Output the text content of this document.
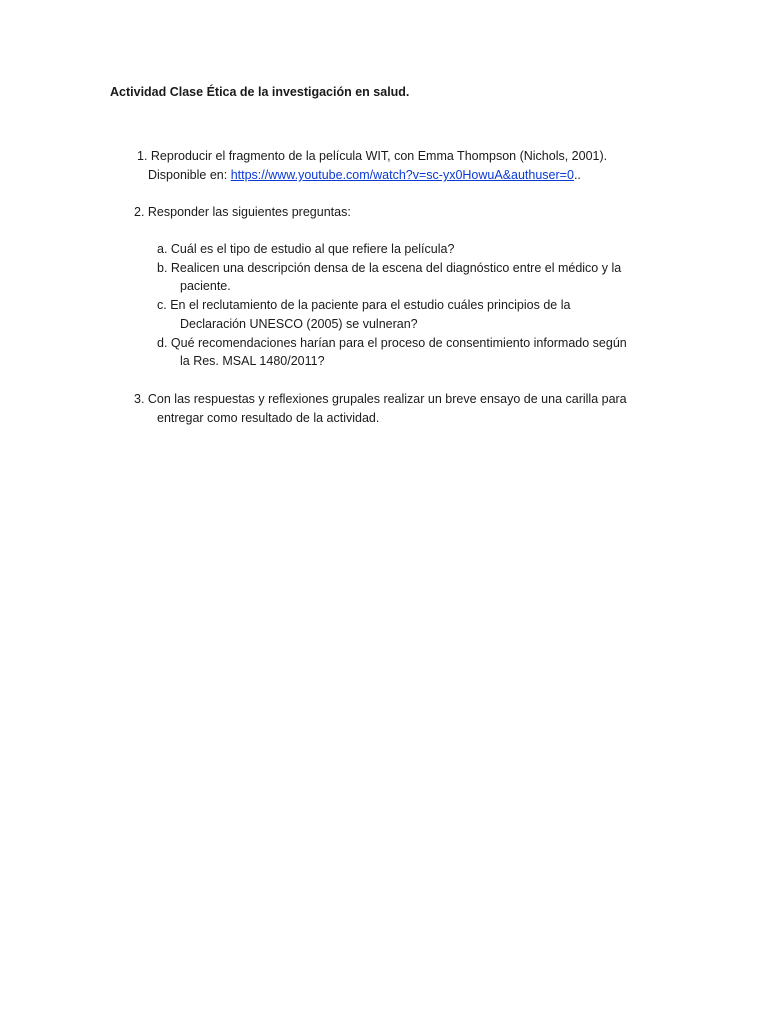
Actividad Clase Ética de la investigación en salud.

1. Reproducir el fragmento de la película WIT, con Emma Thompson (Nichols, 2001).

Disponible en: https://www.youtube.com/watch?v=sc-yx0HowuA&authuser=0..

2. Responder las siguientes preguntas:

a. Cuál es el tipo de estudio al que refiere la película?

b. Realicen una descripción densa de la escena del diagnóstico entre el médico y la

paciente.

c. En el reclutamiento de la paciente para el estudio cuáles principios de la

Declaración UNESCO (2005) se vulneran?

d. Qué recomendaciones harían para el proceso de consentimiento informado según

la Res. MSAL 1480/2011?

3. Con las respuestas y reflexiones grupales realizar un breve ensayo de una carilla para

entregar como resultado de la actividad.
